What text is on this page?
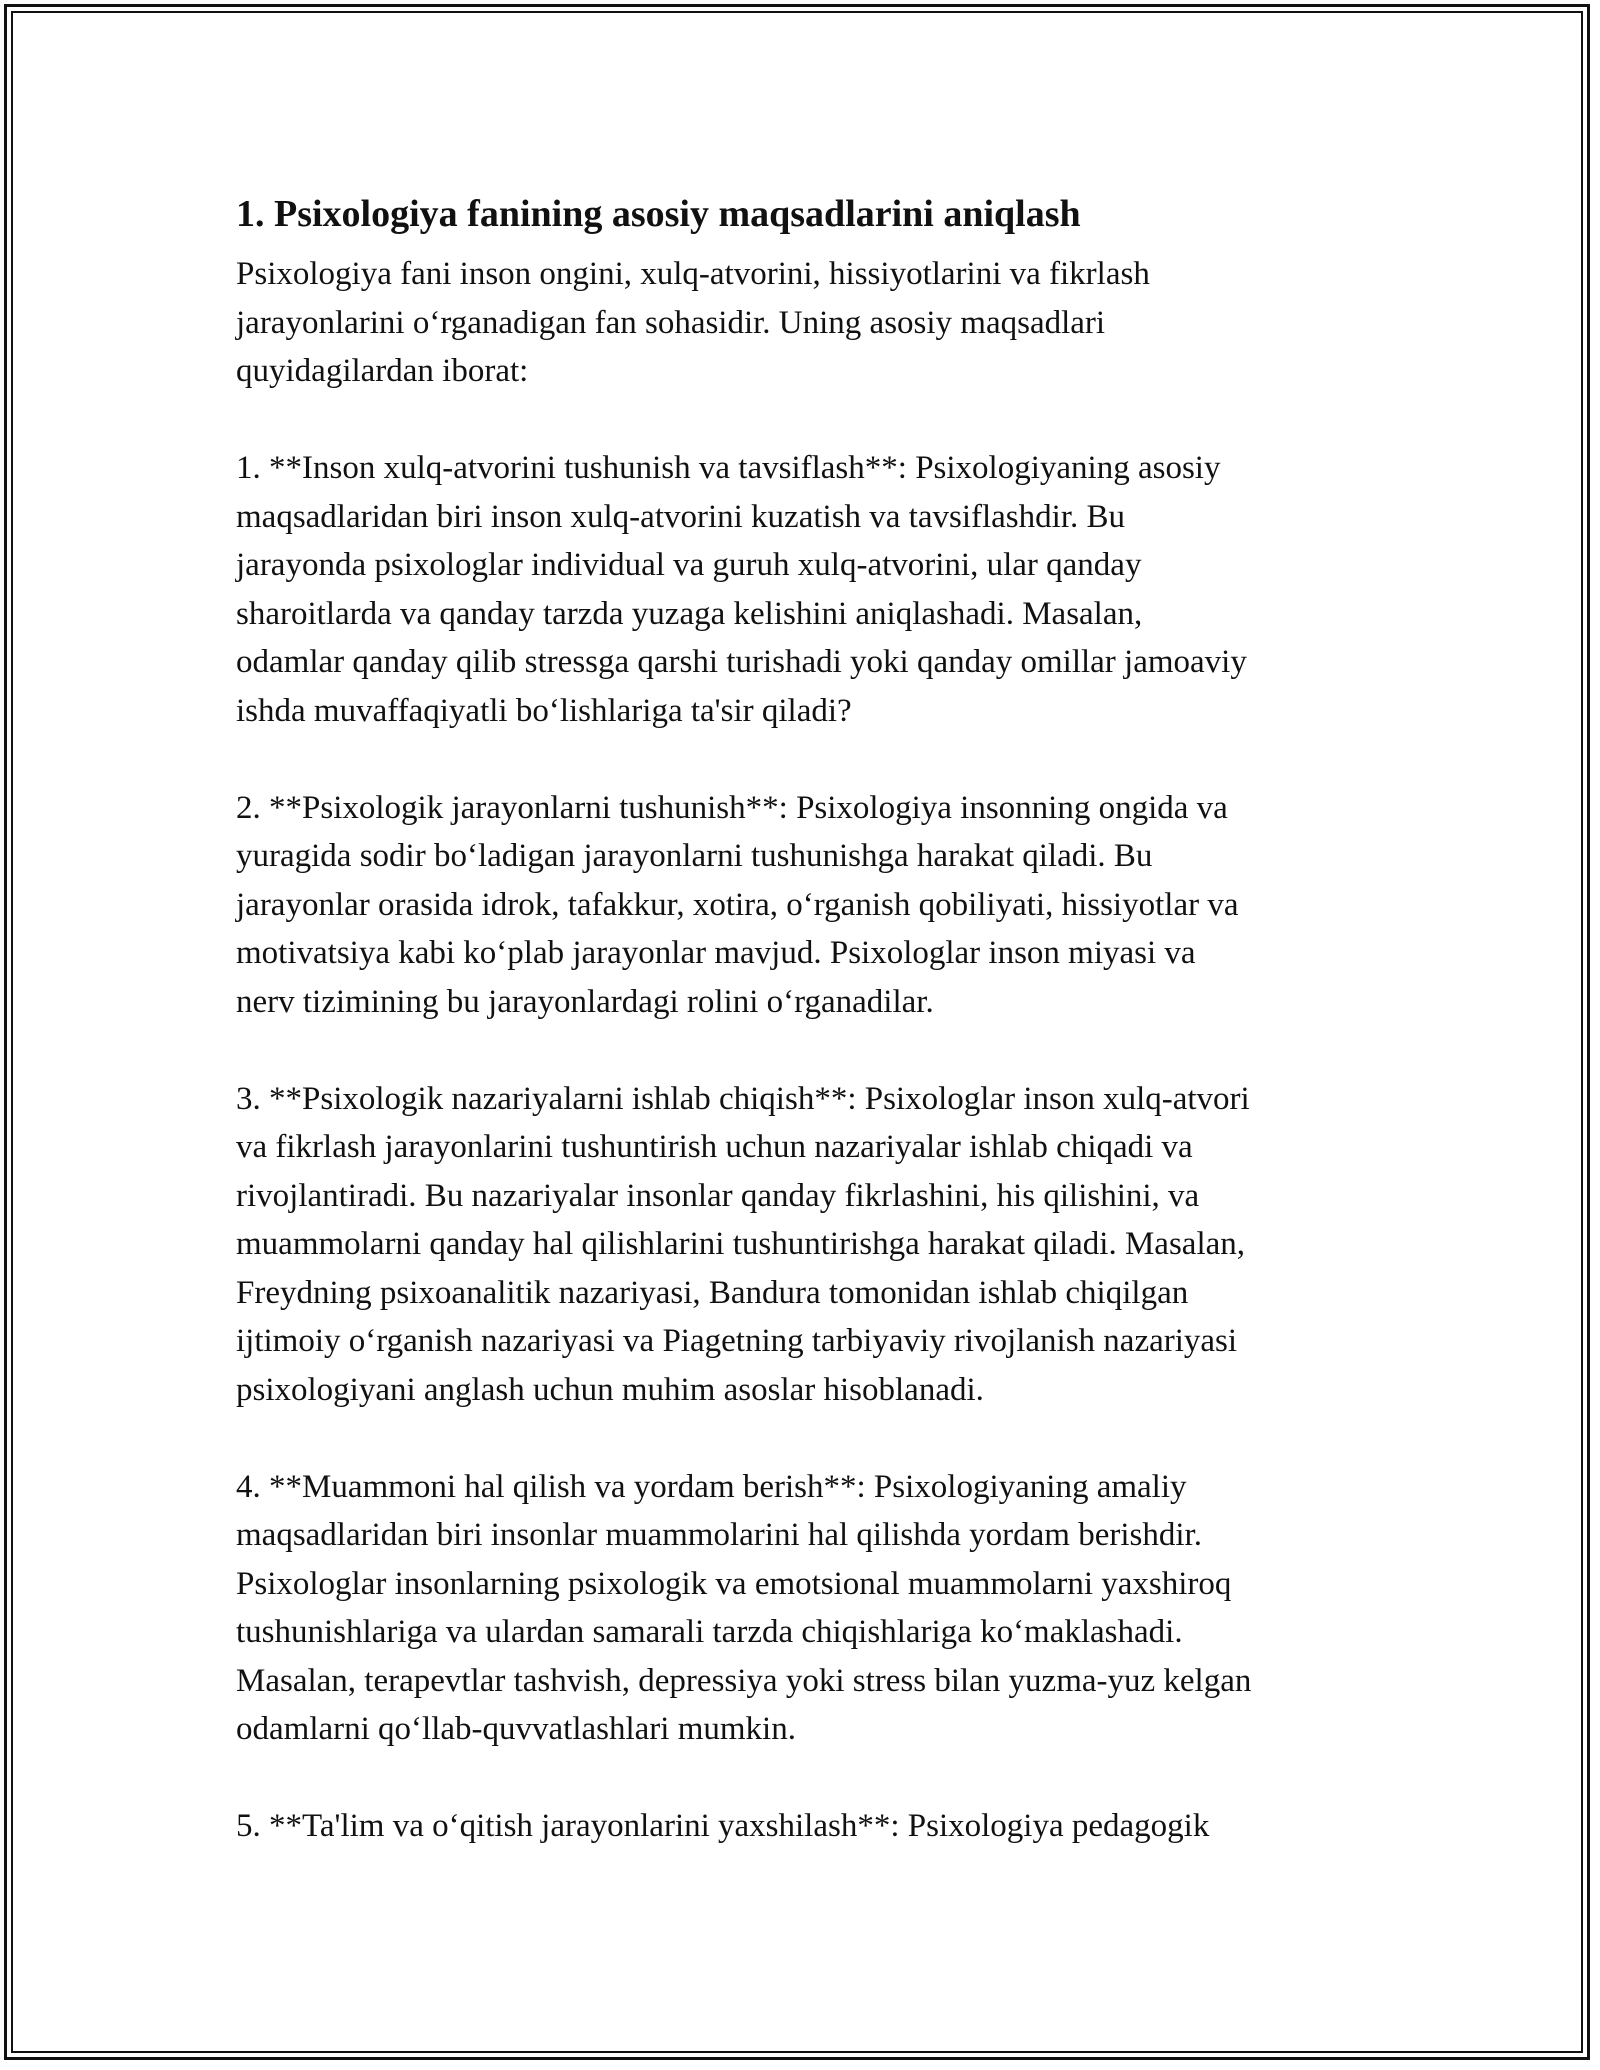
1. Psixologiya fanining asosiy maqsadlarini aniqlash

Psixologiya fani inson ongini, xulq-atvorini, hissiyotlarini va fikrlash
jarayonlarini o‘rganadigan fan sohasidir. Uning asosiy maqsadlari
quyidagilardan iborat:

1. **Inson xulq-atvorini tushunish va tavsiflash**: Psixologiyaning asosiy
maqsadlaridan biri inson xulq-atvorini kuzatish va tavsiflashdir. Bu
jarayonda psixologlar individual va guruh xulq-atvorini, ular qanday
sharoitlarda va qanday tarzda yuzaga kelishini aniqlashadi. Masalan,
odamlar qanday qilib stressga qarshi turishadi yoki qanday omillar jamoaviy
ishda muvaffaqiyatli bo‘lishlariga ta'sir qiladi?

2. **Psixologik jarayonlarni tushunish**: Psixologiya insonning ongida va
yuragida sodir bo‘ladigan jarayonlarni tushunishga harakat qiladi. Bu
jarayonlar orasida idrok, tafakkur, xotira, o‘rganish qobiliyati, hissiyotlar va
motivatsiya kabi ko‘plab jarayonlar mavjud. Psixologlar inson miyasi va
nerv tizimining bu jarayonlardagi rolini o‘rganadilar.

3. **Psixologik nazariyalarni ishlab chiqish**: Psixologlar inson xulq-atvori
va fikrlash jarayonlarini tushuntirish uchun nazariyalar ishlab chiqadi va
rivojlantiradi. Bu nazariyalar insonlar qanday fikrlashini, his qilishini, va
muammolarni qanday hal qilishlarini tushuntirishga harakat qiladi. Masalan,
Freydning psixoanalitik nazariyasi, Bandura tomonidan ishlab chiqilgan
ijtimoiy o‘rganish nazariyasi va Piagetning tarbiyaviy rivojlanish nazariyasi
psixologiyani anglash uchun muhim asoslar hisoblanadi.

4. **Muammoni hal qilish va yordam berish**: Psixologiyaning amaliy
maqsadlaridan biri insonlar muammolarini hal qilishda yordam berishdir.
Psixologlar insonlarning psixologik va emotsional muammolarni yaxshiroq
tushunishlariga va ulardan samarali tarzda chiqishlariga ko‘maklashadi.
Masalan, terapevtlar tashvish, depressiya yoki stress bilan yuzma-yuz kelgan
odamlarni qo‘llab-quvvatlashlari mumkin.

5. **Ta'lim va o‘qitish jarayonlarini yaxshilash**: Psixologiya pedagogik
